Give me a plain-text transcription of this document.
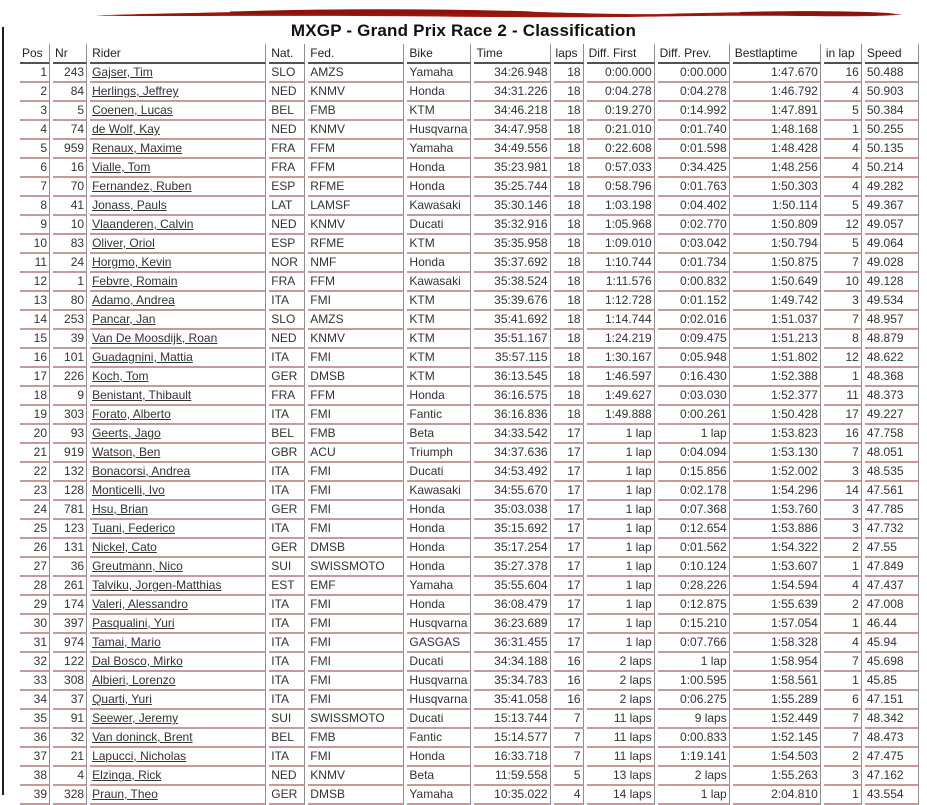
MXGP - Grand Prix Race 2 - Classification
Pos	Nr	Rider	Nat.	Fed.	Bike	Time	laps	Diff. First	Diff. Prev.	Bestlaptime	in lap	Speed
1	243	Gajser, Tim	SLO	AMZS	Yamaha	34:26.948	18	0:00.000	0:00.000	1:47.670	16	50.488
2	84	Herlings, Jeffrey	NED	KNMV	Honda	34:31.226	18	0:04.278	0:04.278	1:46.792	4	50.903
3	5	Coenen, Lucas	BEL	FMB	KTM	34:46.218	18	0:19.270	0:14.992	1:47.891	5	50.384
4	74	de Wolf, Kay	NED	KNMV	Husqvarna	34:47.958	18	0:21.010	0:01.740	1:48.168	1	50.255
5	959	Renaux, Maxime	FRA	FFM	Yamaha	34:49.556	18	0:22.608	0:01.598	1:48.428	4	50.135
6	16	Vialle, Tom	FRA	FFM	Honda	35:23.981	18	0:57.033	0:34.425	1:48.256	4	50.214
7	70	Fernandez, Ruben	ESP	RFME	Honda	35:25.744	18	0:58.796	0:01.763	1:50.303	4	49.282
8	41	Jonass, Pauls	LAT	LAMSF	Kawasaki	35:30.146	18	1:03.198	0:04.402	1:50.114	5	49.367
9	10	Vlaanderen, Calvin	NED	KNMV	Ducati	35:32.916	18	1:05.968	0:02.770	1:50.809	12	49.057
10	83	Oliver, Oriol	ESP	RFME	KTM	35:35.958	18	1:09.010	0:03.042	1:50.794	5	49.064
11	24	Horgmo, Kevin	NOR	NMF	Honda	35:37.692	18	1:10.744	0:01.734	1:50.875	7	49.028
12	1	Febvre, Romain	FRA	FFM	Kawasaki	35:38.524	18	1:11.576	0:00.832	1:50.649	10	49.128
13	80	Adamo, Andrea	ITA	FMI	KTM	35:39.676	18	1:12.728	0:01.152	1:49.742	3	49.534
14	253	Pancar, Jan	SLO	AMZS	KTM	35:41.692	18	1:14.744	0:02.016	1:51.037	7	48.957
15	39	Van De Moosdijk, Roan	NED	KNMV	KTM	35:51.167	18	1:24.219	0:09.475	1:51.213	8	48.879
16	101	Guadagnini, Mattia	ITA	FMI	KTM	35:57.115	18	1:30.167	0:05.948	1:51.802	12	48.622
17	226	Koch, Tom	GER	DMSB	KTM	36:13.545	18	1:46.597	0:16.430	1:52.388	1	48.368
18	9	Benistant, Thibault	FRA	FFM	Honda	36:16.575	18	1:49.627	0:03.030	1:52.377	11	48.373
19	303	Forato, Alberto	ITA	FMI	Fantic	36:16.836	18	1:49.888	0:00.261	1:50.428	17	49.227
20	93	Geerts, Jago	BEL	FMB	Beta	34:33.542	17	1 lap	1 lap	1:53.823	16	47.758
21	919	Watson, Ben	GBR	ACU	Triumph	34:37.636	17	1 lap	0:04.094	1:53.130	7	48.051
22	132	Bonacorsi, Andrea	ITA	FMI	Ducati	34:53.492	17	1 lap	0:15.856	1:52.002	3	48.535
23	128	Monticelli, Ivo	ITA	FMI	Kawasaki	34:55.670	17	1 lap	0:02.178	1:54.296	14	47.561
24	781	Hsu, Brian	GER	FMI	Honda	35:03.038	17	1 lap	0:07.368	1:53.760	3	47.785
25	123	Tuani, Federico	ITA	FMI	Honda	35:15.692	17	1 lap	0:12.654	1:53.886	3	47.732
26	131	Nickel, Cato	GER	DMSB	Honda	35:17.254	17	1 lap	0:01.562	1:54.322	2	47.55
27	36	Greutmann, Nico	SUI	SWISSMOTO	Honda	35:27.378	17	1 lap	0:10.124	1:53.607	1	47.849
28	261	Talviku, Jorgen-Matthias	EST	EMF	Yamaha	35:55.604	17	1 lap	0:28.226	1:54.594	4	47.437
29	174	Valeri, Alessandro	ITA	FMI	Honda	36:08.479	17	1 lap	0:12.875	1:55.639	2	47.008
30	397	Pasqualini, Yuri	ITA	FMI	Husqvarna	36:23.689	17	1 lap	0:15.210	1:57.054	1	46.44
31	974	Tamai, Mario	ITA	FMI	GASGAS	36:31.455	17	1 lap	0:07.766	1:58.328	4	45.94
32	122	Dal Bosco, Mirko	ITA	FMI	Ducati	34:34.188	16	2 laps	1 lap	1:58.954	7	45.698
33	308	Albieri, Lorenzo	ITA	FMI	Husqvarna	35:34.783	16	2 laps	1:00.595	1:58.561	1	45.85
34	37	Quarti, Yuri	ITA	FMI	Husqvarna	35:41.058	16	2 laps	0:06.275	1:55.289	6	47.151
35	91	Seewer, Jeremy	SUI	SWISSMOTO	Ducati	15:13.744	7	11 laps	9 laps	1:52.449	7	48.342
36	32	Van doninck, Brent	BEL	FMB	Fantic	15:14.577	7	11 laps	0:00.833	1:52.145	7	48.473
37	21	Lapucci, Nicholas	ITA	FMI	Honda	16:33.718	7	11 laps	1:19.141	1:54.503	2	47.475
38	4	Elzinga, Rick	NED	KNMV	Beta	11:59.558	5	13 laps	2 laps	1:55.263	3	47.162
39	328	Praun, Theo	GER	DMSB	Yamaha	10:35.022	4	14 laps	1 lap	2:04.810	1	43.554
